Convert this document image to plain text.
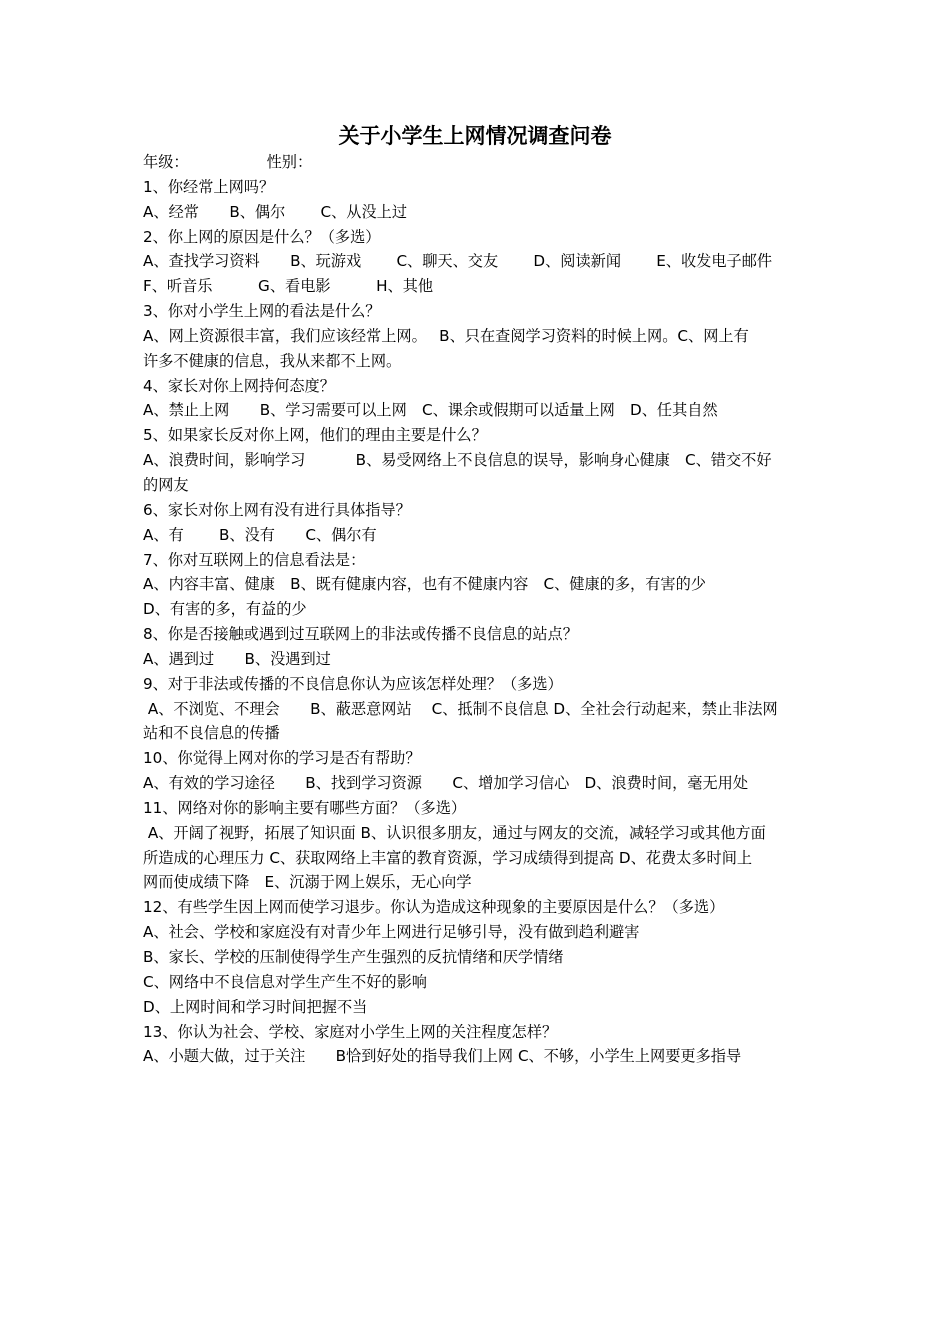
关于小学生上网情况调查问卷
年级：	性别：
1、你经常上网吗？
A、经常　　B、偶尔　　 C、从没上过
2、你上网的原因是什么？（多选）
A、查找学习资料　　B、玩游戏　　 C、聊天、交友　　 D、阅读新闻　　 E、收发电子邮件
F、听音乐　　　G、看电影　　　H、其他
3、你对小学生上网的看法是什么？
A、网上资源很丰富，我们应该经常上网。　 B、只在查阅学习资料的时候上网。C、网上有
许多不健康的信息，我从来都不上网。
4、家长对你上网持何态度？
A、禁止上网　　B、学习需要可以上网　C、课余或假期可以适量上网　D、任其自然
5、如果家长反对你上网，他们的理由主要是什么？
A、浪费时间，影响学习　　　 B、易受网络上不良信息的误导，影响身心健康　C、错交不好
的网友
6、家长对你上网有没有进行具体指导？
A、有　　 B、没有　　C、偶尔有
7、你对互联网上的信息看法是：
A、内容丰富、健康　B、既有健康内容，也有不健康内容　C、健康的多，有害的少
D、有害的多，有益的少
8、你是否接触或遇到过互联网上的非法或传播不良信息的站点？
A、遇到过　　B、没遇到过
9、对于非法或传播的不良信息你认为应该怎样处理？（多选）
A、不浏览、不理会　　B、蔽恶意网站　 C、抵制不良信息 D、全社会行动起来，禁止非法网
站和不良信息的传播
10、你觉得上网对你的学习是否有帮助？
A、有效的学习途径　　B、找到学习资源　　C、增加学习信心　D、浪费时间，毫无用处
11、网络对你的影响主要有哪些方面？（多选）
A、开阔了视野，拓展了知识面 B、认识很多朋友，通过与网友的交流，减轻学习或其他方面
所造成的心理压力 C、获取网络上丰富的教育资源，学习成绩得到提高 D、花费太多时间上
网而使成绩下降　E、沉溺于网上娱乐，无心向学
12、有些学生因上网而使学习退步。你认为造成这种现象的主要原因是什么？（多选）
A、社会、学校和家庭没有对青少年上网进行足够引导，没有做到趋利避害
B、家长、学校的压制使得学生产生强烈的反抗情绪和厌学情绪
C、网络中不良信息对学生产生不好的影响
D、上网时间和学习时间把握不当
13、你认为社会、学校、家庭对小学生上网的关注程度怎样？
A、小题大做，过于关注　　B恰到好处的指导我们上网 C、不够，小学生上网要更多指导
